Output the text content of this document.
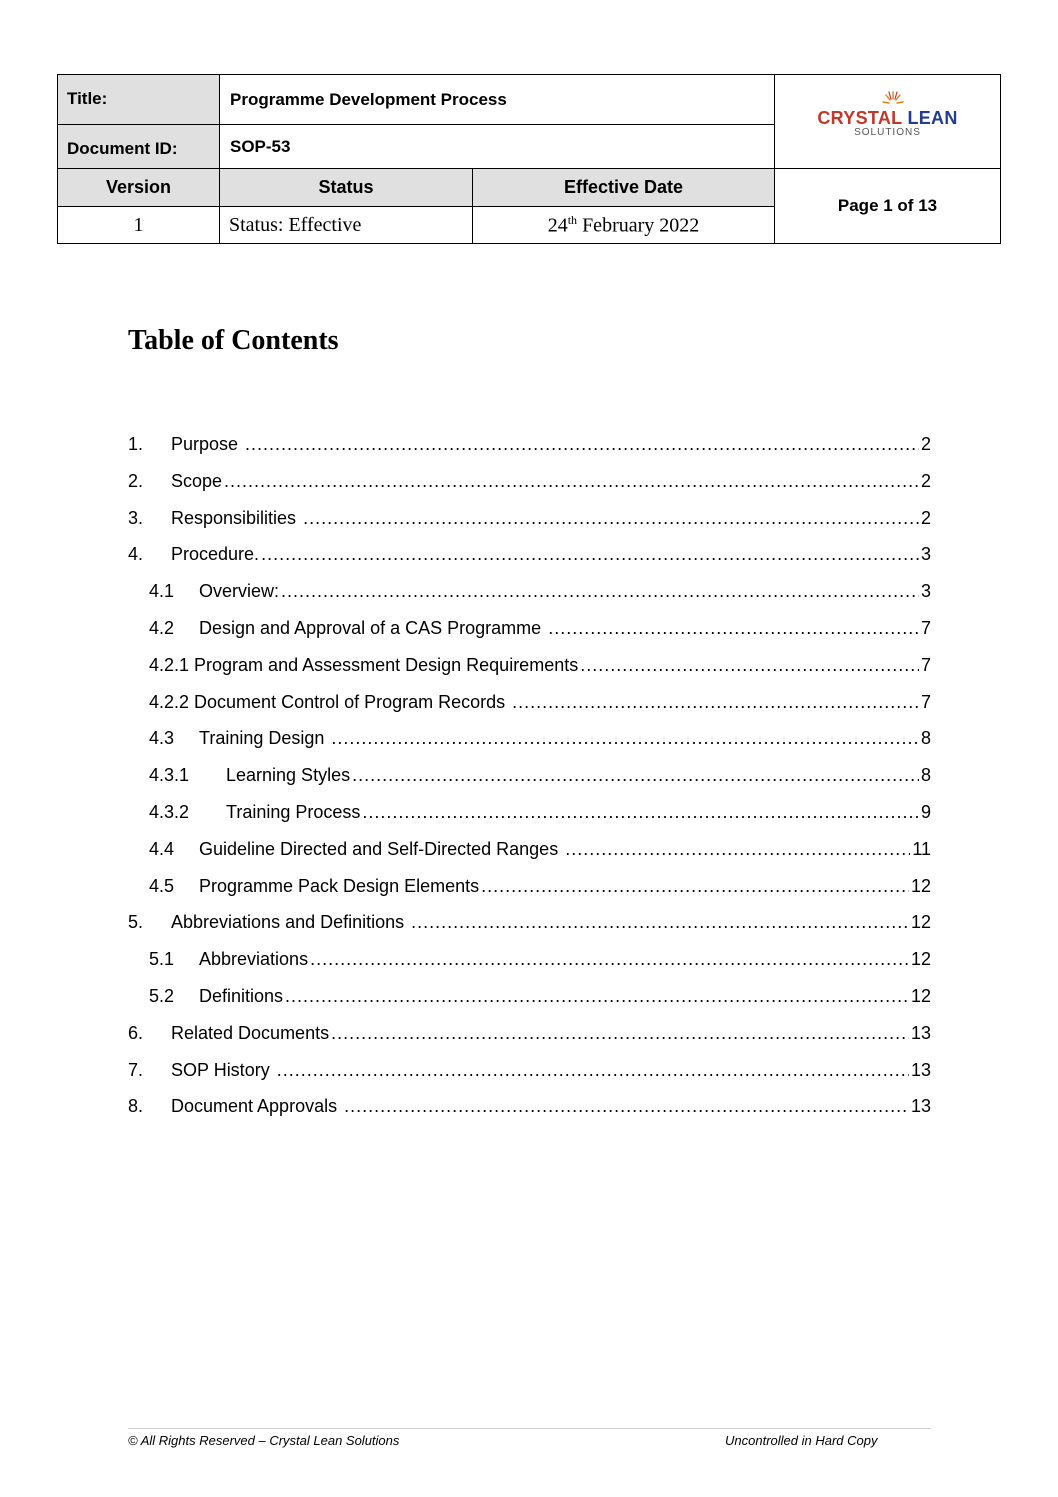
Title:	Programme Development Process		CRYSTAL LEAN
SOLUTIONS

Document ID:	SOP-53		
Version	Status	Effective Date	Page 1 of 13
1	Status: Effective	24th February 2022	
Table of Contents
1.	Purpose .....	2
2.	Scope .....	2
3.	Responsibilities .....	2
4.	Procedure. .....	3
4.1	Overview: .....	3
4.2	Design and Approval of a CAS Programme .....	7
4.2.1 Program and Assessment Design Requirements .....	7
4.2.2 Document Control of Program Records .....	7
4.3	Training Design .....	8
4.3.1	Learning Styles .....	8
4.3.2	Training Process .....	9
4.4	Guideline Directed and Self-Directed Ranges .....	11
4.5	Programme Pack Design Elements .....	12
5.	Abbreviations and Definitions .....	12
5.1	Abbreviations .....	12
5.2	Definitions .....	12
6.	Related Documents .....	13
7.	SOP History .....	13
8.	Document Approvals .....	13
© All Rights Reserved – Crystal Lean Solutions	Uncontrolled in Hard Copy
